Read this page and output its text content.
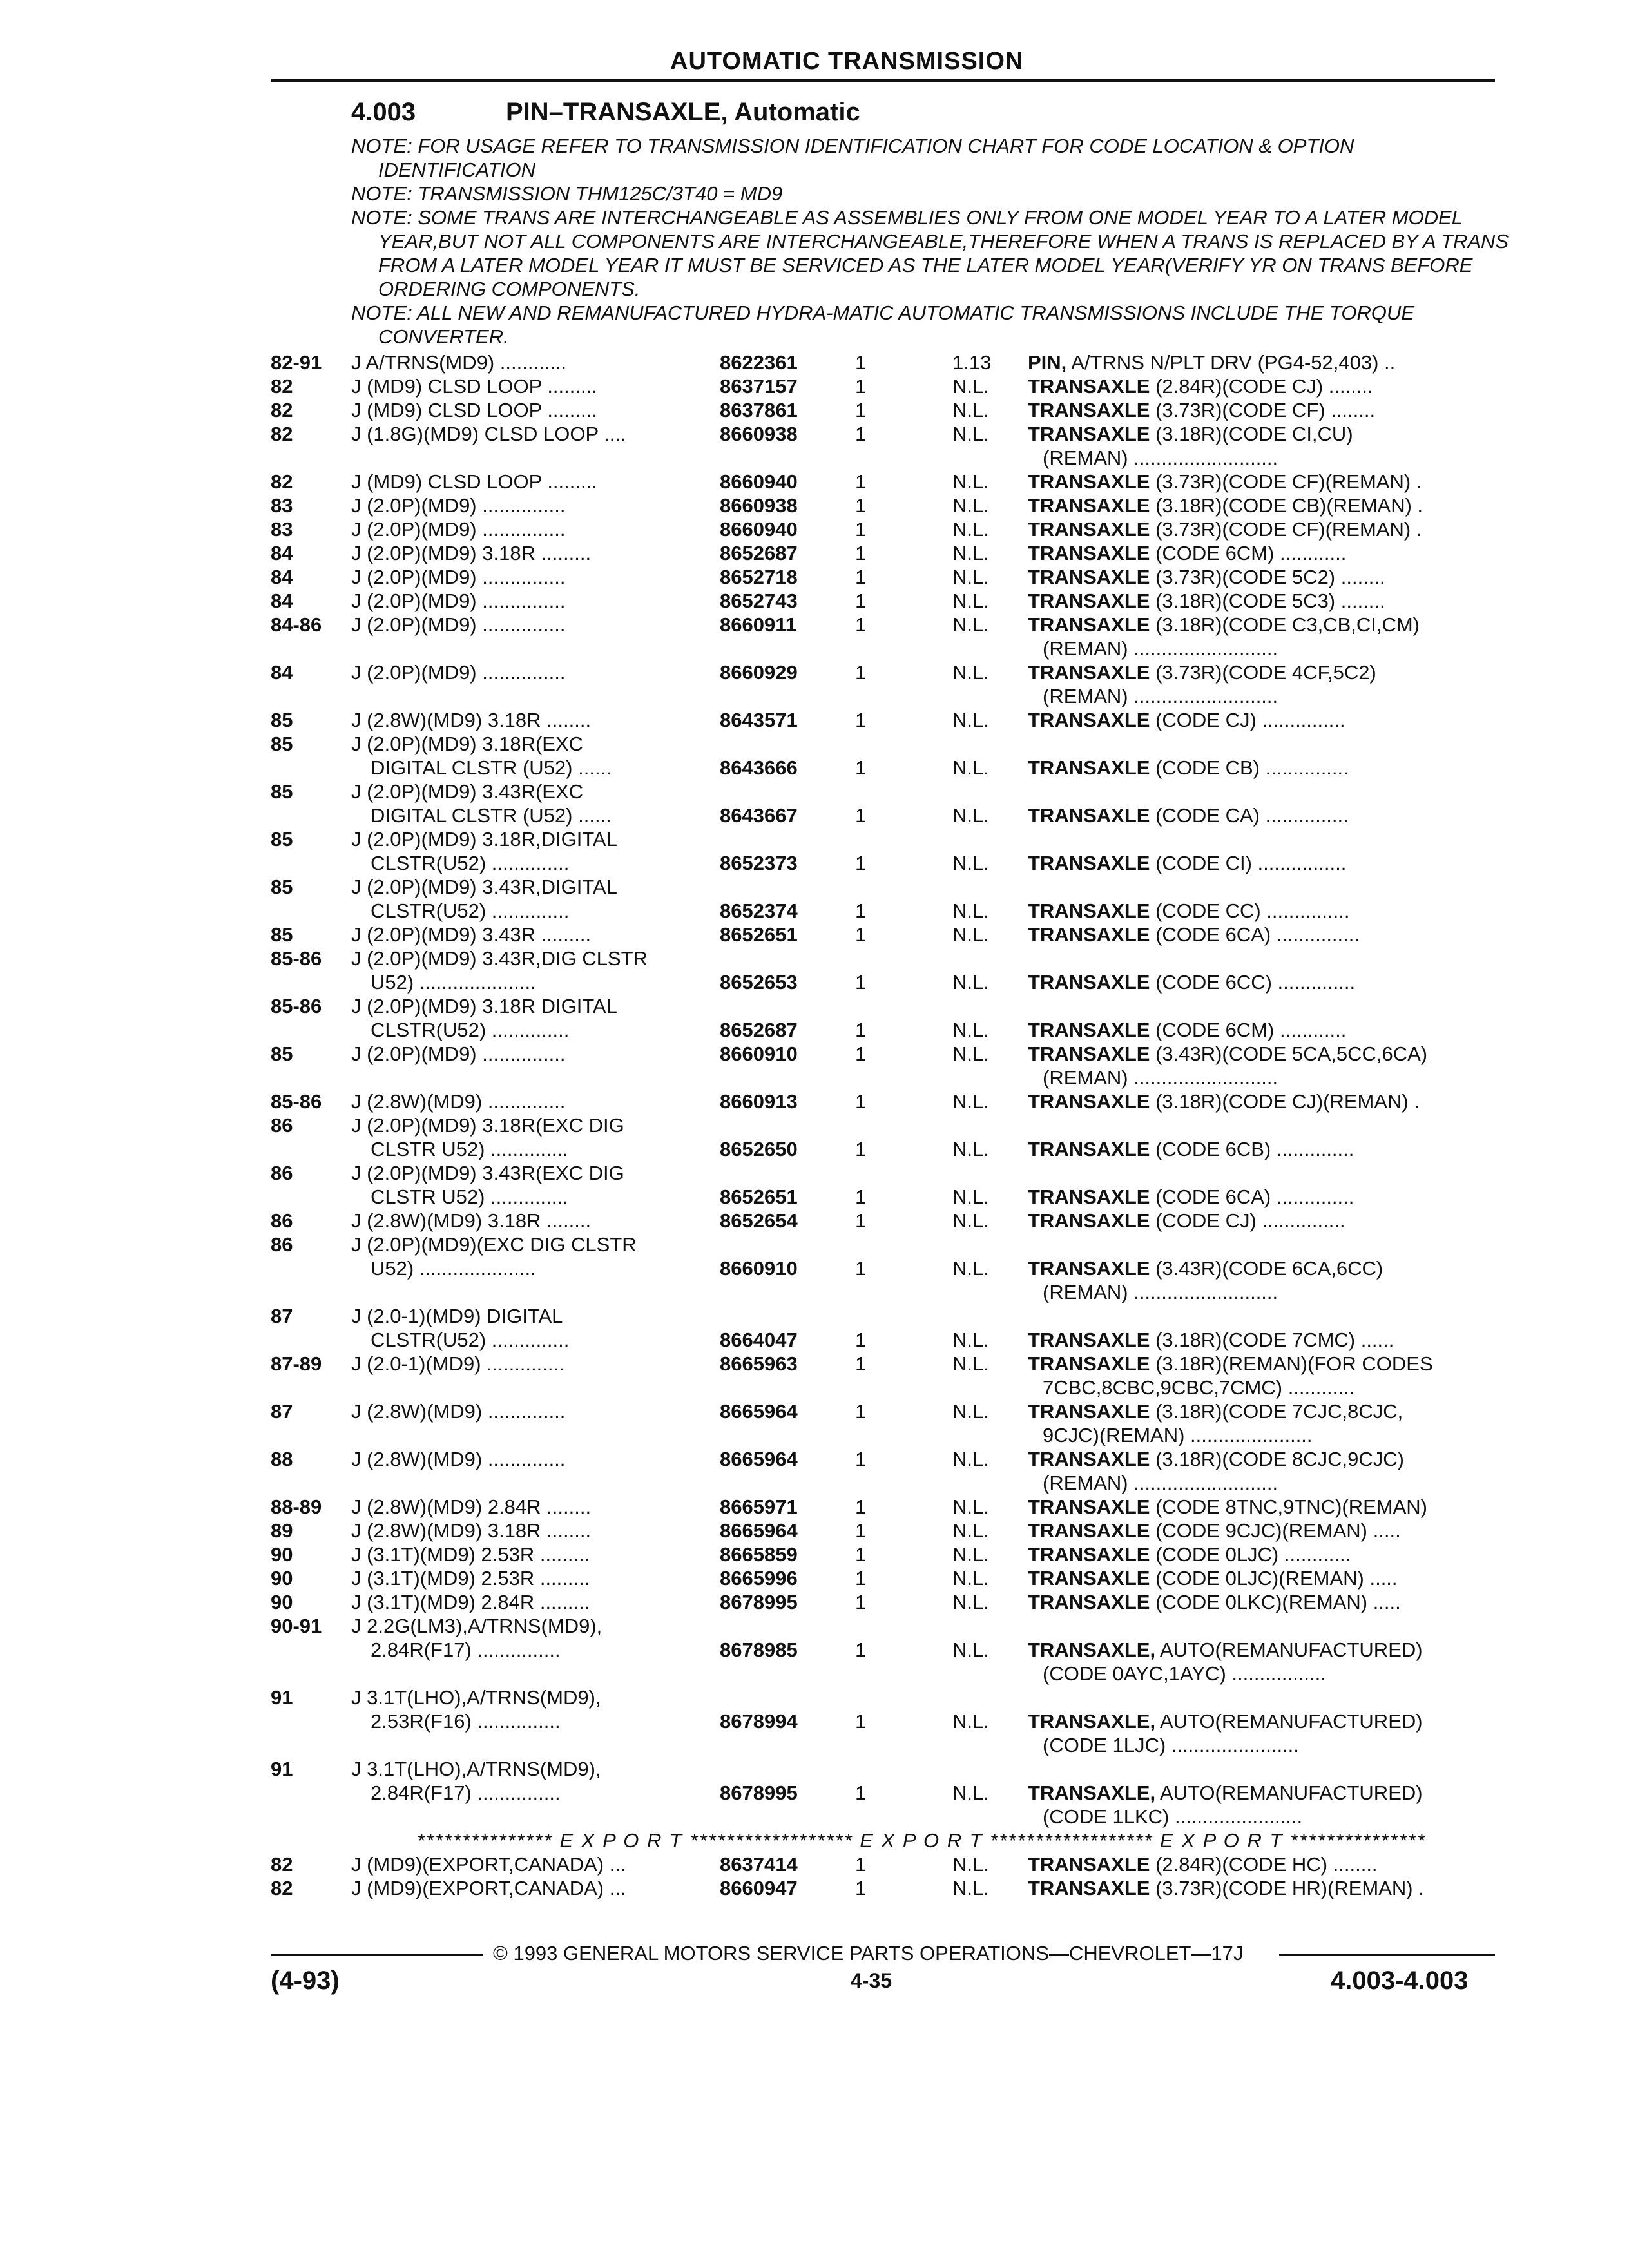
AUTOMATIC TRANSMISSION
4.003	PIN–TRANSAXLE, Automatic
NOTE: FOR USAGE REFER TO TRANSMISSION IDENTIFICATION CHART FOR CODE LOCATION & OPTION IDENTIFICATION
NOTE: TRANSMISSION THM125C/3T40 = MD9
NOTE: SOME TRANS ARE INTERCHANGEABLE AS ASSEMBLIES ONLY FROM ONE MODEL YEAR TO A LATER MODEL YEAR,BUT NOT ALL COMPONENTS ARE INTERCHANGEABLE,THEREFORE WHEN A TRANS IS REPLACED BY A TRANS FROM A LATER MODEL YEAR IT MUST BE SERVICED AS THE LATER MODEL YEAR(VERIFY YR ON TRANS BEFORE ORDERING COMPONENTS.
NOTE: ALL NEW AND REMANUFACTURED HYDRA-MATIC AUTOMATIC TRANSMISSIONS INCLUDE THE TORQUE CONVERTER.
82-91 J A/TRNS(MD9) ............	8622361	1	1.13 PIN, A/TRNS N/PLT DRV (PG4-52,403) ..
82	J (MD9) CLSD LOOP .........	8637157	1	N.L. TRANSAXLE (2.84R)(CODE CJ) ........
82	J (MD9) CLSD LOOP .........	8637861	1	N.L. TRANSAXLE (3.73R)(CODE CF) ........
82	J (1.8G)(MD9) CLSD LOOP ....	8660938	1	N.L. TRANSAXLE (3.18R)(CODE CI,CU)
(REMAN) ..........................
82	J (MD9) CLSD LOOP .........	8660940	1	N.L. TRANSAXLE (3.73R)(CODE CF)(REMAN) .
83	J (2.0P)(MD9) ...............	8660938	1	N.L. TRANSAXLE (3.18R)(CODE CB)(REMAN) .
83	J (2.0P)(MD9) ...............	8660940	1	N.L. TRANSAXLE (3.73R)(CODE CF)(REMAN) .
84	J (2.0P)(MD9) 3.18R .........	8652687	1	N.L. TRANSAXLE (CODE 6CM) ............
84	J (2.0P)(MD9) ...............	8652718	1	N.L. TRANSAXLE (3.73R)(CODE 5C2) ........
84	J (2.0P)(MD9) ...............	8652743	1	N.L. TRANSAXLE (3.18R)(CODE 5C3) ........
84-86 J (2.0P)(MD9) ...............	8660911	1	N.L. TRANSAXLE (3.18R)(CODE C3,CB,CI,CM)
(REMAN) ..........................
84	J (2.0P)(MD9) ...............	8660929	1	N.L. TRANSAXLE (3.73R)(CODE 4CF,5C2)
(REMAN) ..........................
85	J (2.8W)(MD9) 3.18R ........	8643571	1	N.L. TRANSAXLE (CODE CJ) ...............
85	J (2.0P)(MD9) 3.18R(EXC
DIGITAL CLSTR (U52) ......	8643666	1	N.L. TRANSAXLE (CODE CB) ...............
85	J (2.0P)(MD9) 3.43R(EXC
DIGITAL CLSTR (U52) ......	8643667	1	N.L. TRANSAXLE (CODE CA) ...............
85	J (2.0P)(MD9) 3.18R,DIGITAL
CLSTR(U52) ..............	8652373	1	N.L. TRANSAXLE (CODE CI) ................
85	J (2.0P)(MD9) 3.43R,DIGITAL
CLSTR(U52) ..............	8652374	1	N.L. TRANSAXLE (CODE CC) ...............
85	J (2.0P)(MD9) 3.43R .........	8652651	1	N.L. TRANSAXLE (CODE 6CA) ...............
85-86 J (2.0P)(MD9) 3.43R,DIG CLSTR
U52) .....................	8652653	1	N.L. TRANSAXLE (CODE 6CC) ..............
85-86 J (2.0P)(MD9) 3.18R DIGITAL
CLSTR(U52) ..............	8652687	1	N.L. TRANSAXLE (CODE 6CM) ............
85	J (2.0P)(MD9) ...............	8660910	1	N.L. TRANSAXLE (3.43R)(CODE 5CA,5CC,6CA)
(REMAN) ..........................
85-86 J (2.8W)(MD9) ..............	8660913	1	N.L. TRANSAXLE (3.18R)(CODE CJ)(REMAN) .
86	J (2.0P)(MD9) 3.18R(EXC DIG
CLSTR U52) ..............	8652650	1	N.L. TRANSAXLE (CODE 6CB) ..............
86	J (2.0P)(MD9) 3.43R(EXC DIG
CLSTR U52) ..............	8652651	1	N.L. TRANSAXLE (CODE 6CA) ..............
86	J (2.8W)(MD9) 3.18R ........	8652654	1	N.L. TRANSAXLE (CODE CJ) ...............
86	J (2.0P)(MD9)(EXC DIG CLSTR
U52) .....................	8660910	1	N.L. TRANSAXLE (3.43R)(CODE 6CA,6CC)
(REMAN) ..........................
87	J (2.0-1)(MD9) DIGITAL
CLSTR(U52) ..............	8664047	1	N.L. TRANSAXLE (3.18R)(CODE 7CMC) ......
87-89 J (2.0-1)(MD9) ..............	8665963	1	N.L. TRANSAXLE (3.18R)(REMAN)(FOR CODES
7CBC,8CBC,9CBC,7CMC) ............
87	J (2.8W)(MD9) ..............	8665964	1	N.L. TRANSAXLE (3.18R)(CODE 7CJC,8CJC,
9CJC)(REMAN) ......................
88	J (2.8W)(MD9) ..............	8665964	1	N.L. TRANSAXLE (3.18R)(CODE 8CJC,9CJC)
(REMAN) ..........................
88-89 J (2.8W)(MD9) 2.84R ........	8665971	1	N.L. TRANSAXLE (CODE 8TNC,9TNC)(REMAN)
89	J (2.8W)(MD9) 3.18R ........	8665964	1	N.L. TRANSAXLE (CODE 9CJC)(REMAN) .....
90	J (3.1T)(MD9) 2.53R .........	8665859	1	N.L. TRANSAXLE (CODE 0LJC) ............
90	J (3.1T)(MD9) 2.53R .........	8665996	1	N.L. TRANSAXLE (CODE 0LJC)(REMAN) .....
90	J (3.1T)(MD9) 2.84R .........	8678995	1	N.L. TRANSAXLE (CODE 0LKC)(REMAN) .....
90-91 J 2.2G(LM3),A/TRNS(MD9),
2.84R(F17) ...............	8678985	1	N.L. TRANSAXLE, AUTO(REMANUFACTURED)
(CODE 0AYC,1AYC) .................
91	J 3.1T(LHO),A/TRNS(MD9),
2.53R(F16) ...............	8678994	1	N.L. TRANSAXLE, AUTO(REMANUFACTURED)
(CODE 1LJC) .......................
91	J 3.1T(LHO),A/TRNS(MD9),
2.84R(F17) ...............	8678995	1	N.L. TRANSAXLE, AUTO(REMANUFACTURED)
(CODE 1LKC) .......................
*************** E X P O R T ****************** E X P O R T ****************** E X P O R T ***************
82	J (MD9)(EXPORT,CANADA) ...	8637414	1	N.L. TRANSAXLE (2.84R)(CODE HC) ........
82	J (MD9)(EXPORT,CANADA) ...	8660947	1	N.L. TRANSAXLE (3.73R)(CODE HR)(REMAN) .
© 1993 GENERAL MOTORS SERVICE PARTS OPERATIONS—CHEVROLET—17J
(4-93)	4-35	4.003-4.003
